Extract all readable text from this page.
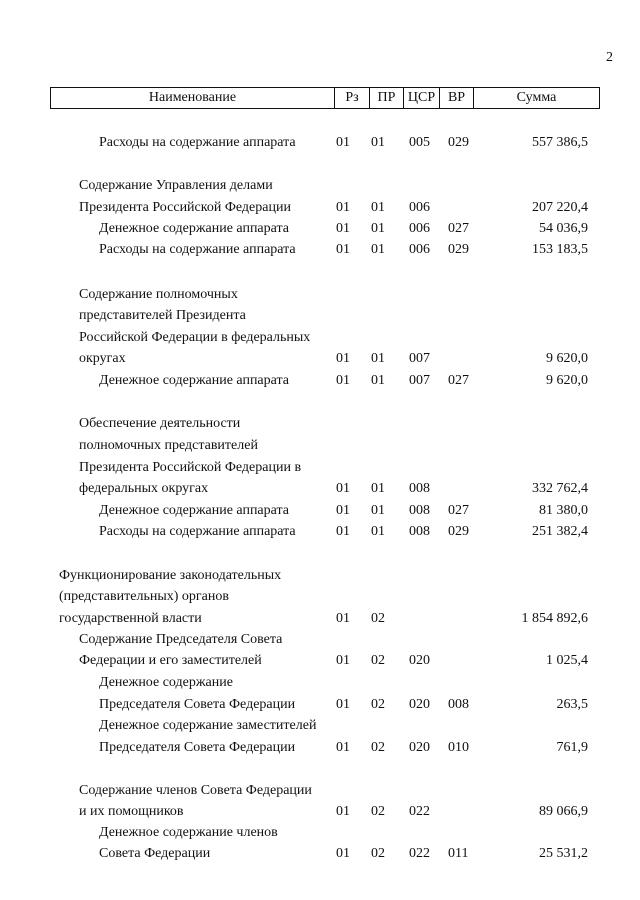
2
Наименование	Рз	ПР ЦСР ВР	Сумма
Расходы на содержание аппарата	01 01 005 029	557 386,5
Содержание Управления делами
Президента Российской Федерации	01 01 006	207 220,4
Денежное содержание аппарата	01 01 006 027	54 036,9
Расходы на содержание аппарата	01 01 006 029	153 183,5
Содержание полномочных
представителей Президента
Российской Федерации в федеральных
округах	01 01 007	9 620,0
Денежное содержание аппарата	01 01 007 027	9 620,0
Обеспечение деятельности
полномочных представителей
Президента Российской Федерации в
федеральных округах	01 01 008	332 762,4
Денежное содержание аппарата	01 01 008 027	81 380,0
Расходы на содержание аппарата	01 01 008 029	251 382,4
Функционирование законодательных
(представительных) органов
государственной власти	01 02	1 854 892,6
Содержание Председателя Совета
Федерации и его заместителей	01 02 020	1 025,4
Денежное содержание
Председателя Совета Федерации	01 02 020 008	263,5
Денежное содержание заместителей
Председателя Совета Федерации	01 02 020 010	761,9
Содержание членов Совета Федерации
и их помощников	01 02 022	89 066,9
Денежное содержание членов
Совета Федерации	01 02 022 011	25 531,2
